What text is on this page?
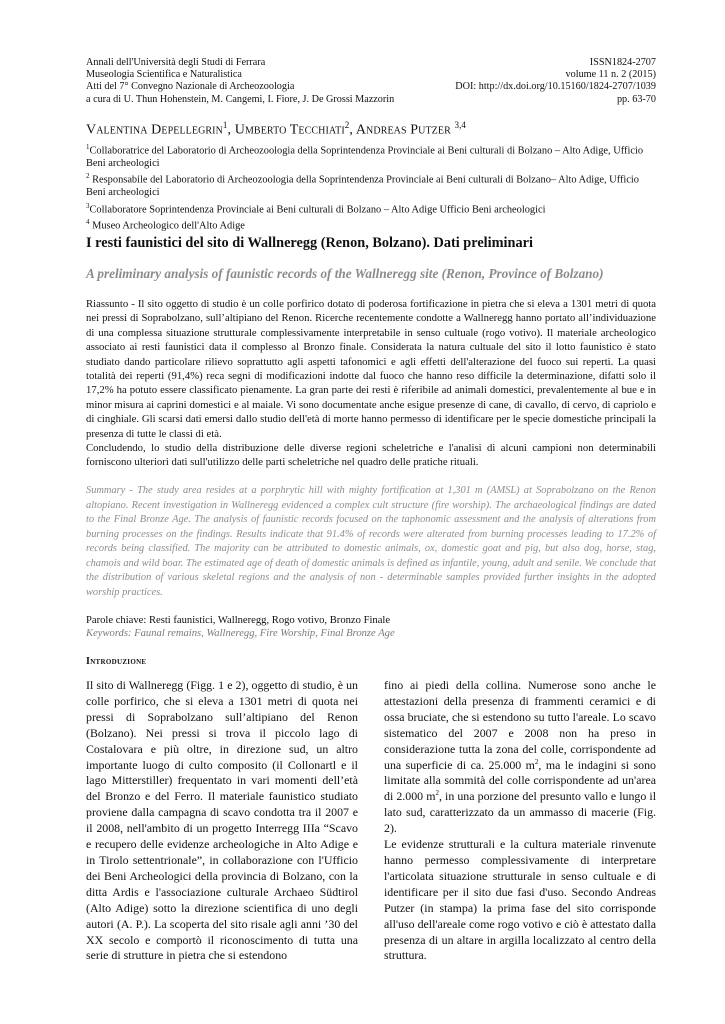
Annali dell'Università degli Studi di Ferrara	ISSN1824-2707
Museologia Scientifica e Naturalistica	volume 11 n. 2 (2015)
Atti del 7° Convegno Nazionale di Archeozoologia	DOI: http://dx.doi.org/10.15160/1824-2707/1039
a cura di U. Thun Hohenstein, M. Cangemi, I. Fiore, J. De Grossi Mazzorin	pp. 63-70
Valentina Depellegrin$^1$, Umberto Tecchiati$^2$, Andreas Putzer $^{3,4}$

$^1$Collaboratrice del Laboratorio di Archeozoologia della Soprintendenza Provinciale ai Beni culturali di Bolzano – Alto Adige, Ufficio Beni archeologici

$^2$ Responsabile del Laboratorio di Archeozoologia della Soprintendenza Provinciale ai Beni culturali di Bolzano– Alto Adige, Ufficio Beni archeologici

$^3$Collaboratore Soprintendenza Provinciale ai Beni culturali di Bolzano – Alto Adige Ufficio Beni archeologici

$^4$ Museo Archeologico dell'Alto Adige

I resti faunistici del sito di Wallneregg (Renon, Bolzano). Dati preliminari
A preliminary analysis of faunistic records of the Wallneregg site (Renon, Province of Bolzano)

Riassunto - Il sito oggetto di studio è un colle porfirico dotato di poderosa fortificazione in pietra che si eleva a 1301 metri di quota nei pressi di Soprabolzano, sull’altipiano del Renon. Ricerche recentemente condotte a Wallneregg hanno portato all’individuazione di una complessa situazione strutturale complessivamente interpretabile in senso cultuale (rogo votivo). Il materiale archeologico associato ai resti faunistici data il complesso al Bronzo finale. Considerata la natura cultuale del sito il lotto faunistico è stato studiato dando particolare rilievo soprattutto agli aspetti tafonomici e agli effetti dell'alterazione del fuoco sui reperti. La quasi totalità dei reperti (91,4%) reca segni di modificazioni indotte dal fuoco che hanno reso difficile la determinazione, difatti solo il 17,2% ha potuto essere classificato pienamente. La gran parte dei resti è riferibile ad animali domestici, prevalentemente al bue e in minor misura ai caprini domestici e al maiale. Vi sono documentate anche esigue presenze di cane, di cavallo, di cervo, di capriolo e di cinghiale. Gli scarsi dati emersi dallo studio dell'età di morte hanno permesso di identificare per le specie domestiche principali la presenza di tutte le classi di età.

Concludendo, lo studio della distribuzione delle diverse regioni scheletriche e l'analisi di alcuni campioni non determinabili forniscono ulteriori dati sull'utilizzo delle parti scheletriche nel quadro delle pratiche rituali.

Summary - The study area resides at a porphrytic hill with mighty fortification at 1,301 m (AMSL) at Soprabolzano on the Renon altopiano. Recent investigation in Wallneregg evidenced a complex cult structure (fire worship). The archaeological findings are dated to the Final Bronze Age. The analysis of faunistic records focused on the taphonomic assessment and the analysis of alterations from burning processes on the findings. Results indicate that 91.4% of records were alterated from burning processes leading to 17.2% of records being classified. The majority can be attributed to domestic animals, ox, domestic goat and pig, but also dog, horse, stag, chamois and wild boar. The estimated age of death of domestic animals is defined as infantile, young, adult and senile. We conclude that the distribution of various skeletal regions and the analysis of non - determinable samples provided further insights in the adopted worship practices.
Parole chiave: Resti faunistici, Wallneregg, Rogo votivo, Bronzo Finale
Keywords: Faunal remains, Wallneregg, Fire Worship, Final Bronze Age
Introduzione

Il sito di Wallneregg (Figg. 1 e 2), oggetto di studio, è un colle porfirico, che si eleva a 1301 metri di quota nei pressi di Soprabolzano sull’altipiano del Renon (Bolzano). Nei pressi si trova il piccolo lago di Costalovara e più oltre, in direzione sud, un altro importante luogo di culto composito (il Collonartl e il lago Mitterstiller) frequentato in vari momenti dell’età del Bronzo e del Ferro. Il materiale faunistico studiato proviene dalla campagna di scavo condotta tra il 2007 e il 2008, nell'ambito di un progetto Interregg IIIa “Scavo e recupero delle evidenze archeologiche in Alto Adige e in Tirolo settentrionale”, in collaborazione con l'Ufficio dei Beni Archeologici della provincia di Bolzano, con la ditta Ardis e l'associazione culturale Archaeo Südtirol (Alto Adige) sotto la direzione scientifica di uno degli autori (A. P.). La scoperta del sito risale agli anni ’30 del XX secolo e comportò il riconoscimento di tutta una serie di strutture in pietra che si estendono

fino ai piedi della collina. Numerose sono anche le attestazioni della presenza di frammenti ceramici e di ossa bruciate, che si estendono su tutto l'areale. Lo scavo sistematico del 2007 e 2008 non ha preso in considerazione tutta la zona del colle, corrispondente ad una superficie di ca. 25.000 $m^2$, ma le indagini si sono limitate alla sommità del colle corrispondente ad un'area di 2.000 $m^2$, in una porzione del presunto vallo e lungo il lato sud, caratterizzato da un ammasso di macerie (Fig. 2).

Le evidenze strutturali e la cultura materiale rinvenute hanno permesso complessivamente di interpretare l'articolata situazione strutturale in senso cultuale e di identificare per il sito due fasi d'uso. Secondo Andreas Putzer (in stampa) la prima fase del sito corrisponde all'uso dell'areale come rogo votivo e ciò è attestato dalla presenza di un altare in argilla localizzato al centro della struttura.
